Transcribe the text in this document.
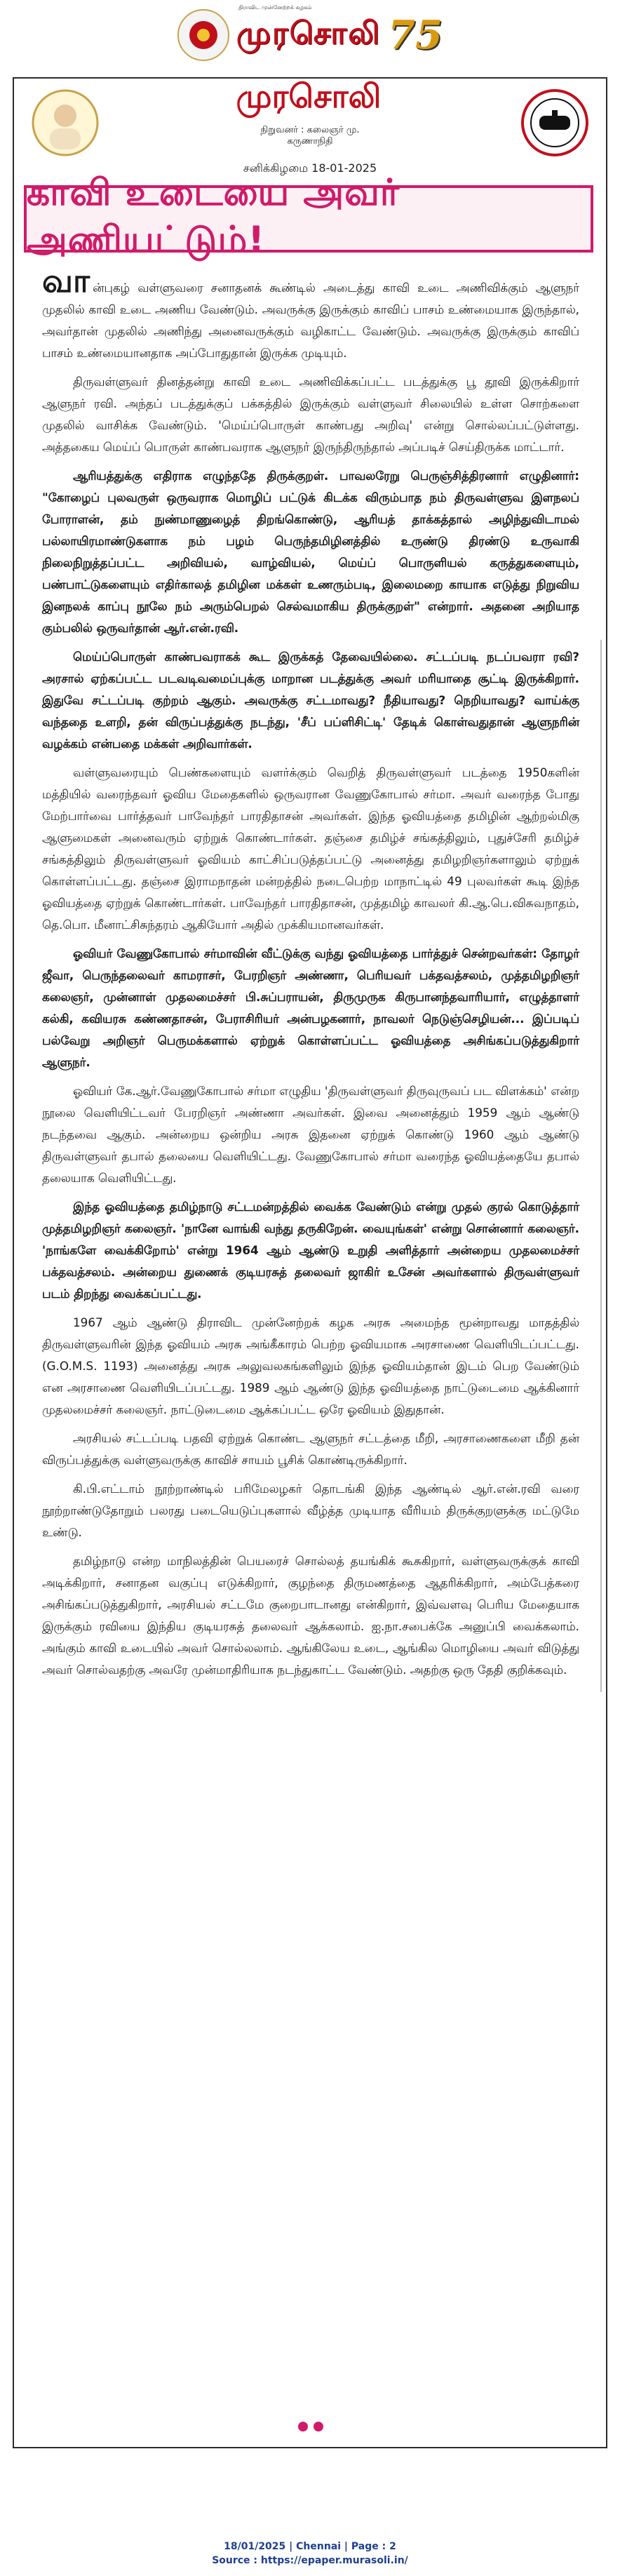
திராவிட முன்னேற்றக் கழகம்
முரசொலி 75
முரசொலி
நிறுவனர் : கலைஞர் மு. கருணாநிதி
சனிக்கிழமை 18-01-2025
காவி உடையை அவர் அணியட்டும்!

வான்புகழ் வள்ளுவரை சனாதனக் கூண்டில் அடைத்து காவி உடை அணிவிக்கும் ஆளுநர் முதலில் காவி உடை அணிய வேண்டும். அவருக்கு இருக்கும் காவிப் பாசம் உண்மையாக இருந்தால், அவர்தான் முதலில் அணிந்து அனைவருக்கும் வழிகாட்ட வேண்டும். அவருக்கு இருக்கும் காவிப் பாசம் உண்மையானதாக அப்போதுதான் இருக்க முடியும்.

திருவள்ளுவர் தினத்தன்று காவி உடை அணிவிக்கப்பட்ட படத்துக்கு பூ தூவி இருக்கிறார் ஆளுநர் ரவி. அந்தப் படத்துக்குப் பக்கத்தில் இருக்கும் வள்ளுவர் சிலையில் உள்ள சொற்களை முதலில் வாசிக்க வேண்டும். 'மெய்ப்பொருள் காண்பது அறிவு' என்று சொல்லப்பட்டுள்ளது. அத்தகைய மெய்ப் பொருள் காண்பவராக ஆளுநர் இருந்திருந்தால் அப்படிச் செய்திருக்க மாட்டார்.

ஆரியத்துக்கு எதிராக எழுந்ததே திருக்குறள். பாவலரேறு பெருஞ்சித்திரனார் எழுதினார்: "கோழைப் புலவருள் ஒருவராக மொழிப் பட்டுக் கிடக்க விரும்பாத நம் திருவள்ளுவ இளநலப் போராளன், தம் நுண்மாணுழைத் திறங்கொண்டு, ஆரியத் தாக்கத்தால் அழிந்துவிடாமல் பல்லாயிரமாண்டுகளாக நம் பழம் பெருந்தமிழினத்தில் உருண்டு திரண்டு உருவாகி நிலைநிறுத்தப்பட்ட அறிவியல், வாழ்வியல், மெய்ப் பொருளியல் கருத்துகளையும், பண்பாட்டுகளையும் எதிர்காலத் தமிழின மக்கள் உணரும்படி, இலைமறை காயாக எடுத்து நிறுவிய இனநலக் காப்பு நூலே நம் அரும்பெறல் செல்வமாகிய திருக்குறள்" என்றார். அதனை அறியாத கும்பலில் ஒருவர்தான் ஆர்.என்.ரவி.

மெய்ப்பொருள் காண்பவராகக் கூட இருக்கத் தேவையில்லை. சட்டப்படி நடப்பவரா ரவி? அரசால் ஏற்கப்பட்ட படவடிவமைப்புக்கு மாறான படத்துக்கு அவர் மரியாதை சூட்டி இருக்கிறார். இதுவே சட்டப்படி குற்றம் ஆகும். அவருக்கு சட்டமாவது? நீதியாவது? நெறியாவது? வாய்க்கு வந்ததை உளறி, தன் விருப்பத்துக்கு நடந்து, 'சீப் பப்ளிசிட்டி' தேடிக் கொள்வதுதான் ஆளுநரின் வழக்கம் என்பதை மக்கள் அறிவார்கள்.

வள்ளுவரையும் பெண்களையும் வளர்க்கும் வெறித் திருவள்ளுவர் படத்தை 1950களின் மத்தியில் வரைந்தவர் ஓவிய மேதைகளில் ஒருவரான வேணுகோபால் சர்மா. அவர் வரைந்த போது மேற்பார்வை பார்த்தவர் பாவேந்தர் பாரதிதாசன் அவர்கள். இந்த ஓவியத்தை தமிழின் ஆற்றல்மிகு ஆளுமைகள் அனைவரும் ஏற்றுக் கொண்டார்கள். தஞ்சை தமிழ்ச் சங்கத்திலும், புதுச்சேரி தமிழ்ச் சங்கத்திலும் திருவள்ளுவர் ஓவியம் காட்சிப்படுத்தப்பட்டு அனைத்து தமிழறிஞர்களாலும் ஏற்றுக் கொள்ளப்பட்டது. தஞ்சை இராமநாதன் மன்றத்தில் நடைபெற்ற மாநாட்டில் 49 புலவர்கள் கூடி இந்த ஓவியத்தை ஏற்றுக் கொண்டார்கள். பாவேந்தர் பாரதிதாசன், முத்தமிழ் காவலர் கி.ஆ.பெ.விசுவநாதம், தெ.பொ. மீனாட்சிசுந்தரம் ஆகியோர் அதில் முக்கியமானவர்கள்.

ஓவியர் வேணுகோபால் சர்மாவின் வீட்டுக்கு வந்து ஓவியத்தை பார்த்துச் சென்றவர்கள்: தோழர் ஜீவா, பெருந்தலைவர் காமராசர், பேரறிஞர் அண்ணா, பெரியவர் பக்தவத்சலம், முத்தமிழறிஞர் கலைஞர், முன்னாள் முதலமைச்சர் பி.சுப்பராயன், திருமுருக கிருபானந்தவாரியார், எழுத்தாளர் கல்கி, கவியரசு கண்ணதாசன், பேராசிரியர் அன்பழகனார், நாவலர் நெடுஞ்செழியன்... இப்படிப் பல்வேறு அறிஞர் பெருமக்களால் ஏற்றுக் கொள்ளப்பட்ட ஓவியத்தை அசிங்கப்படுத்துகிறார் ஆளுநர்.

ஓவியர் கே.ஆர்.வேணுகோபால் சர்மா எழுதிய 'திருவள்ளுவர் திருவுருவப் பட விளக்கம்' என்ற நூலை வெளியிட்டவர் பேரறிஞர் அண்ணா அவர்கள். இவை அனைத்தும் 1959 ஆம் ஆண்டு நடந்தவை ஆகும். அன்றைய ஒன்றிய அரசு இதனை ஏற்றுக் கொண்டு 1960 ஆம் ஆண்டு திருவள்ளுவர் தபால் தலையை வெளியிட்டது. வேணுகோபால் சர்மா வரைந்த ஓவியத்தையே தபால் தலையாக வெளியிட்டது.

இந்த ஓவியத்தை தமிழ்நாடு சட்டமன்றத்தில் வைக்க வேண்டும் என்று முதல் குரல் கொடுத்தார் முத்தமிழறிஞர் கலைஞர். 'நானே வாங்கி வந்து தருகிறேன். வையுங்கள்' என்று சொன்னார் கலைஞர். 'நாங்களே வைக்கிறோம்' என்று 1964 ஆம் ஆண்டு உறுதி அளித்தார் அன்றைய முதலமைச்சர் பக்தவத்சலம். அன்றைய துணைக் குடியரசுத் தலைவர் ஜாகிர் உசேன் அவர்களால் திருவள்ளுவர் படம் திறந்து வைக்கப்பட்டது.

1967 ஆம் ஆண்டு திராவிட முன்னேற்றக் கழக அரசு அமைந்த மூன்றாவது மாதத்தில் திருவள்ளுவரின் இந்த ஓவியம் அரசு அங்கீகாரம் பெற்ற ஓவியமாக அரசாணை வெளியிடப்பட்டது. (G.O.M.S. 1193) அனைத்து அரசு அலுவலகங்களிலும் இந்த ஓவியம்தான் இடம் பெற வேண்டும் என அரசாணை வெளியிடப்பட்டது. 1989 ஆம் ஆண்டு இந்த ஓவியத்தை நாட்டுடைமை ஆக்கினார் முதலமைச்சர் கலைஞர். நாட்டுடைமை ஆக்கப்பட்ட ஒரே ஓவியம் இதுதான்.

அரசியல் சட்டப்படி பதவி ஏற்றுக் கொண்ட ஆளுநர் சட்டத்தை மீறி, அரசாணைகளை மீறி தன் விருப்பத்துக்கு வள்ளுவருக்கு காவிச் சாயம் பூசிக் கொண்டிருக்கிறார்.

கி.பி.எட்டாம் நூற்றாண்டில் பரிமேலழகர் தொடங்கி இந்த ஆண்டில் ஆர்.என்.ரவி வரை நூற்றாண்டுதோறும் பலரது படையெடுப்புகளால் வீழ்த்த முடியாத வீரியம் திருக்குறளுக்கு மட்டுமே உண்டு.

தமிழ்நாடு என்ற மாநிலத்தின் பெயரைச் சொல்லத் தயங்கிக் கூசுகிறார், வள்ளுவருக்குக் காவி அடிக்கிறார், சனாதன வகுப்பு எடுக்கிறார், குழந்தை திருமணத்தை ஆதரிக்கிறார், அம்பேத்கரை அசிங்கப்படுத்துகிறார், அரசியல் சட்டமே குறைபாடானது என்கிறார், இவ்வளவு பெரிய மேதையாக இருக்கும் ரவியை இந்திய குடியரசுத் தலைவர் ஆக்கலாம். ஐ.நா.சபைக்கே அனுப்பி வைக்கலாம். அங்கும் காவி உடையில் அவர் சொல்லலாம். ஆங்கிலேய உடை, ஆங்கில மொழியை அவர் விடுத்து அவர் சொல்வதற்கு அவரே முன்மாதிரியாக நடந்துகாட்ட வேண்டும். அதற்கு ஒரு தேதி குறிக்கவும்.

18/01/2025 | Chennai | Page : 2
Source : https://epaper.murasoli.in/
